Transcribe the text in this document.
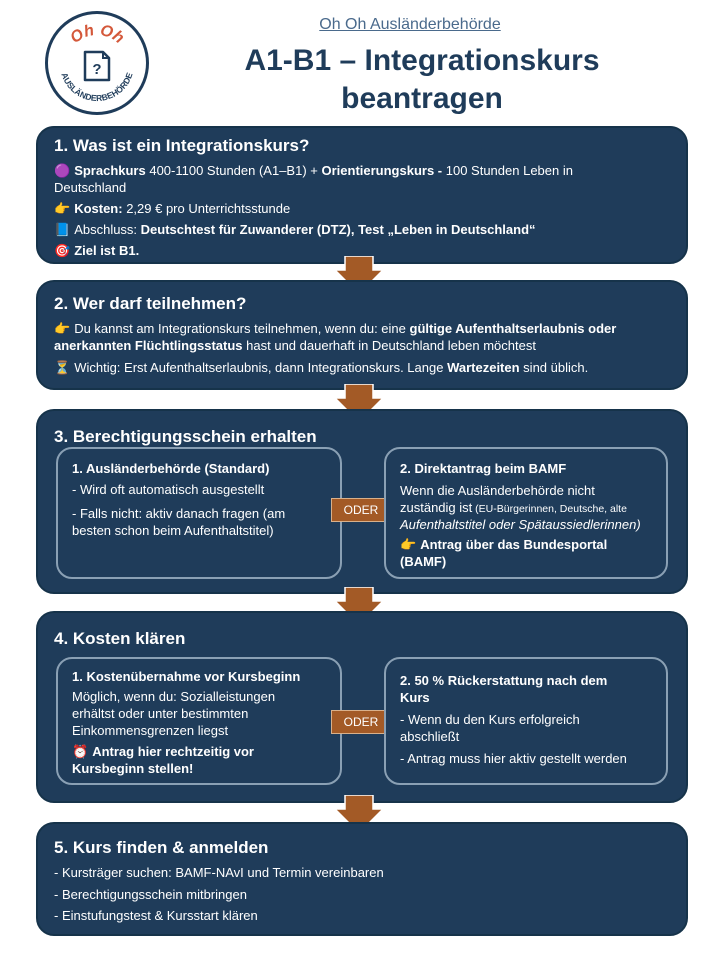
Oh Oh
AUSLÄNDERBEHÖRDE
?
Oh Oh Ausländerbehörde
A1-B1 – Integrationskurs
beantragen
1. Was ist ein Integrationskurs?
🟣 Sprachkurs 400-1100 Stunden (A1–B1) + Orientierungskurs - 100 Stunden Leben in
Deutschland
👉 Kosten: 2,29 € pro Unterrichtsstunde
📘 Abschluss: Deutschtest für Zuwanderer (DTZ), Test „Leben in Deutschland“
🎯 Ziel ist B1.
2. Wer darf teilnehmen?
👉 Du kannst am Integrationskurs teilnehmen, wenn du: eine gültige Aufenthaltserlaubnis oder
anerkannten Flüchtlingsstatus hast und dauerhaft in Deutschland leben möchtest
⏳ Wichtig: Erst Aufenthaltserlaubnis, dann Integrationskurs. Lange Wartezeiten sind üblich.
3. Berechtigungsschein erhalten
1. Ausländerbehörde (Standard)
- Wird oft automatisch ausgestellt
- Falls nicht: aktiv danach fragen (am
besten schon beim Aufenthaltstitel)
ODER
2. Direktantrag beim BAMF
Wenn die Ausländerbehörde nicht
zuständig ist (EU-Bürgerinnen, Deutsche, alte
Aufenthaltstitel oder Spätaussiedlerinnen)
👉 Antrag über das Bundesportal
(BAMF)
4. Kosten klären
1. Kostenübernahme vor Kursbeginn
Möglich, wenn du: Sozialleistungen
erhältst oder unter bestimmten
Einkommensgrenzen liegst
⏰ Antrag hier rechtzeitig vor
Kursbeginn stellen!
ODER
2. 50 % Rückerstattung nach dem
Kurs
- Wenn du den Kurs erfolgreich
abschließt
- Antrag muss hier aktiv gestellt werden
5. Kurs finden & anmelden
- Kursträger suchen: BAMF-NAvI und Termin vereinbaren
- Berechtigungsschein mitbringen
- Einstufungstest & Kursstart klären
